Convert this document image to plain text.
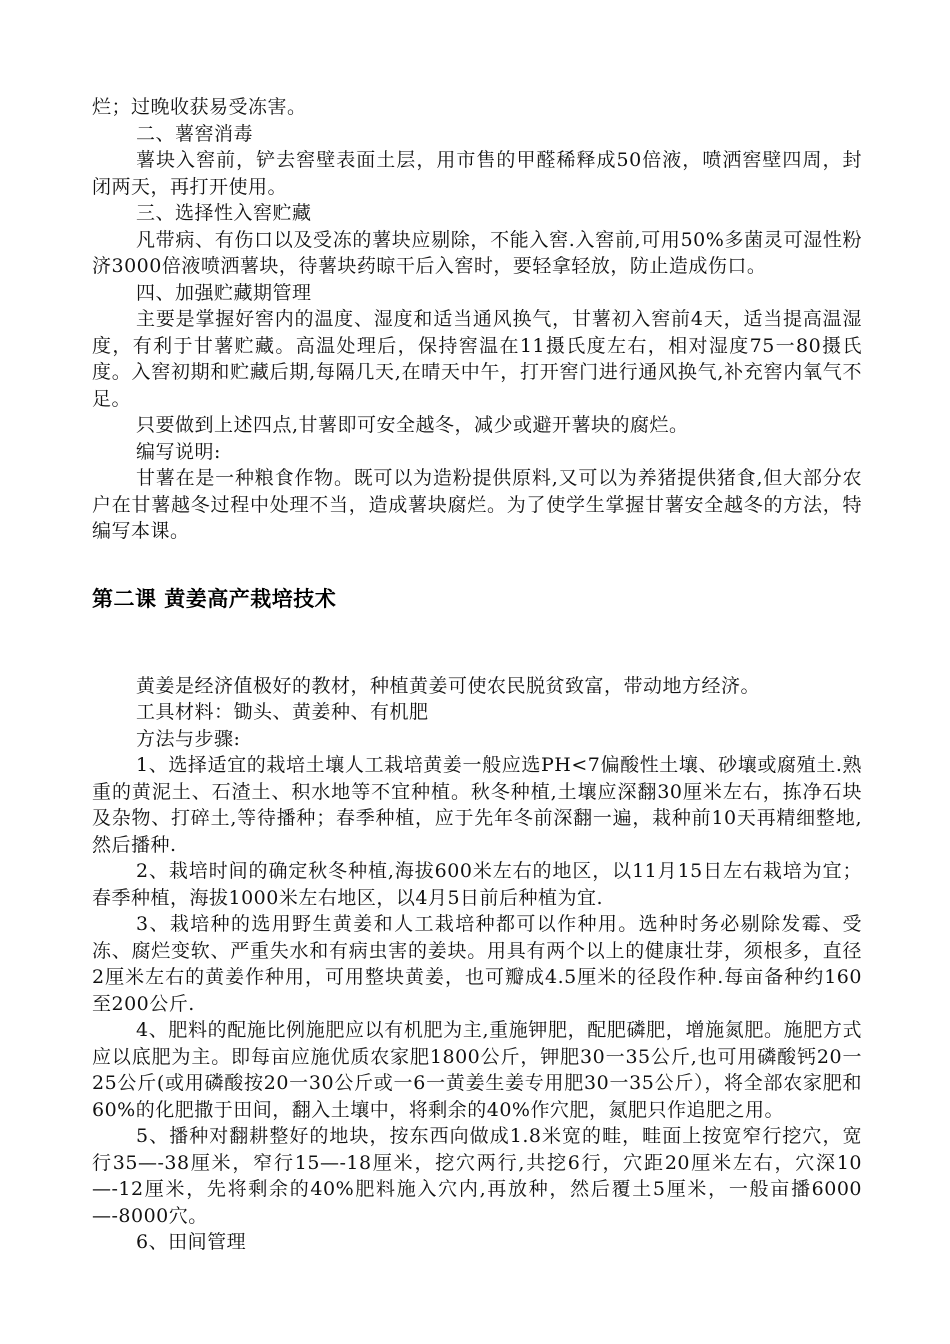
烂；过晚收获易受冻害。

二、薯窖消毒

薯块入窖前，铲去窖壁表面土层，用市售的甲醛稀释成50倍液，喷洒窖壁四周，封闭两天，再打开使用。

三、选择性入窖贮藏

凡带病、有伤口以及受冻的薯块应剔除，不能入窖.入窖前,可用50%多菌灵可湿性粉济3000倍液喷洒薯块，待薯块药晾干后入窖时，要轻拿轻放，防止造成伤口。

四、加强贮藏期管理

主要是掌握好窖内的温度、湿度和适当通风换气，甘薯初入窖前4天，适当提高温湿度，有利于甘薯贮藏。高温处理后，保持窖温在11摄氏度左右，相对湿度75一80摄氏度。入窖初期和贮藏后期,每隔几天,在晴天中午，打开窖门进行通风换气,补充窖内氧气不足。

只要做到上述四点,甘薯即可安全越冬，减少或避开薯块的腐烂。

编写说明:

甘薯在是一种粮食作物。既可以为造粉提供原料,又可以为养猪提供猪食,但大部分农户在甘薯越冬过程中处理不当，造成薯块腐烂。为了使学生掌握甘薯安全越冬的方法，特编写本课。

第二课 黄姜高产栽培技术

黄姜是经济值极好的教材，种植黄姜可使农民脱贫致富，带动地方经济。

工具材料：锄头、黄姜种、有机肥

方法与步骤:

1、选择适宜的栽培土壤人工栽培黄姜一般应选PH<7偏酸性土壤、砂壤或腐殖土.熟重的黄泥土、石渣土、积水地等不宜种植。秋冬种植,土壤应深翻30厘米左右，拣净石块及杂物、打碎土,等待播种；春季种植，应于先年冬前深翻一遍，栽种前10天再精细整地,然后播种.

2、栽培时间的确定秋冬种植,海拔600米左右的地区，以11月15日左右栽培为宜；春季种植，海拔1000米左右地区，以4月5日前后种植为宜.

3、栽培种的选用野生黄姜和人工栽培种都可以作种用。选种时务必剔除发霉、受冻、腐烂变软、严重失水和有病虫害的姜块。用具有两个以上的健康壮芽，须根多，直径2厘米左右的黄姜作种用，可用整块黄姜，也可瓣成4.5厘米的径段作种.每亩备种约160至200公斤.

4、肥料的配施比例施肥应以有机肥为主,重施钾肥，配肥磷肥，增施氮肥。施肥方式应以底肥为主。即每亩应施优质农家肥1800公斤，钾肥30一35公斤,也可用磷酸钙20一25公斤(或用磷酸按20一30公斤或一6一黄姜生姜专用肥30一35公斤），将全部农家肥和60%的化肥撒于田间，翻入土壤中，将剩余的40%作穴肥，氮肥只作追肥之用。

5、播种对翻耕整好的地块，按东西向做成1.8米宽的畦，畦面上按宽窄行挖穴，宽行35—-38厘米，窄行15—-18厘米，挖穴两行,共挖6行，穴距20厘米左右，穴深10—-12厘米，先将剩余的40%肥料施入穴内,再放种，然后覆土5厘米，一般亩播6000—-8000穴。

6、田间管理
